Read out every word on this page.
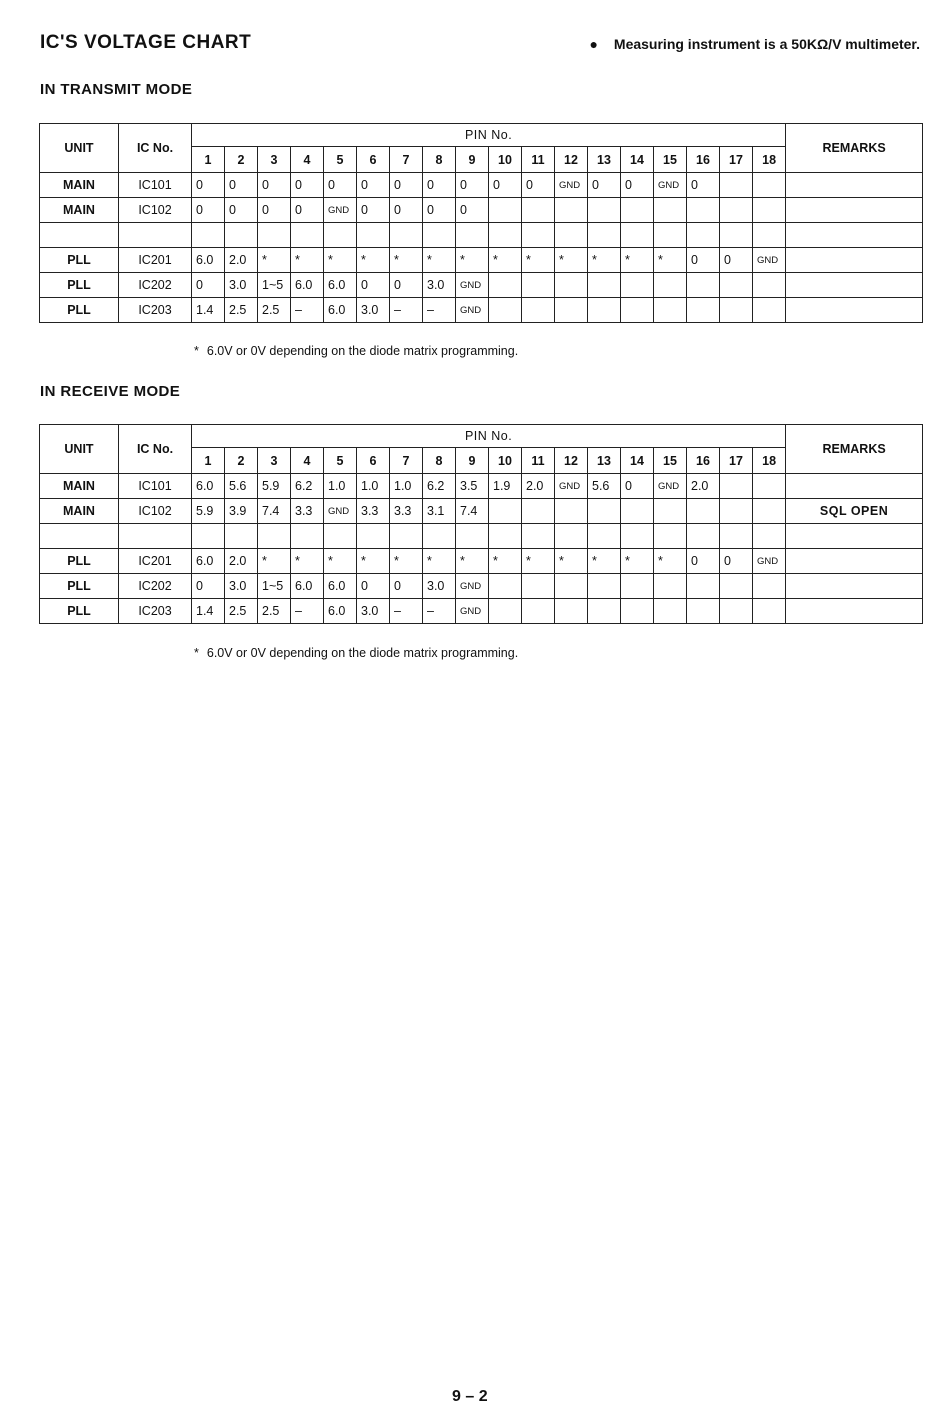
IC'S VOLTAGE CHART	● Measuring instrument is a 50KΩ/V multimeter.
IN TRANSMIT MODE
UNIT	IC No.	PIN No.																		REMARKS
		1	2	3	4	5	6	7	8	9	10	11	12	13	14	15	16	17	18	
MAIN	IC101	0	0	0	0	0	0	0	0	0	0	0	GND	0	0	GND	0			
MAIN	IC102	0	0	0	0	GND	0	0	0	0										

PLL	IC201	6.0	2.0	*	*	*	*	*	*	*	*	*	*	*	*	*	0	0	GND	
PLL	IC202	0	3.0	1~5	6.0	6.0	0	0	3.0	GND										
PLL	IC203	1.4	2.5	2.5	–	6.0	3.0	–	–	GND										
* 6.0V or 0V depending on the diode matrix programming.
IN RECEIVE MODE
UNIT	IC No.	PIN No.																		REMARKS
		1	2	3	4	5	6	7	8	9	10	11	12	13	14	15	16	17	18	
MAIN	IC101	6.0	5.6	5.9	6.2	1.0	1.0	1.0	6.2	3.5	1.9	2.0	GND	5.6	0	GND	2.0			
MAIN	IC102	5.9	3.9	7.4	3.3	GND	3.3	3.3	3.1	7.4										SQL OPEN

PLL	IC201	6.0	2.0	*	*	*	*	*	*	*	*	*	*	*	*	*	0	0	GND	
PLL	IC202	0	3.0	1~5	6.0	6.0	0	0	3.0	GND										
PLL	IC203	1.4	2.5	2.5	–	6.0	3.0	–	–	GND										
* 6.0V or 0V depending on the diode matrix programming.
9 – 2
